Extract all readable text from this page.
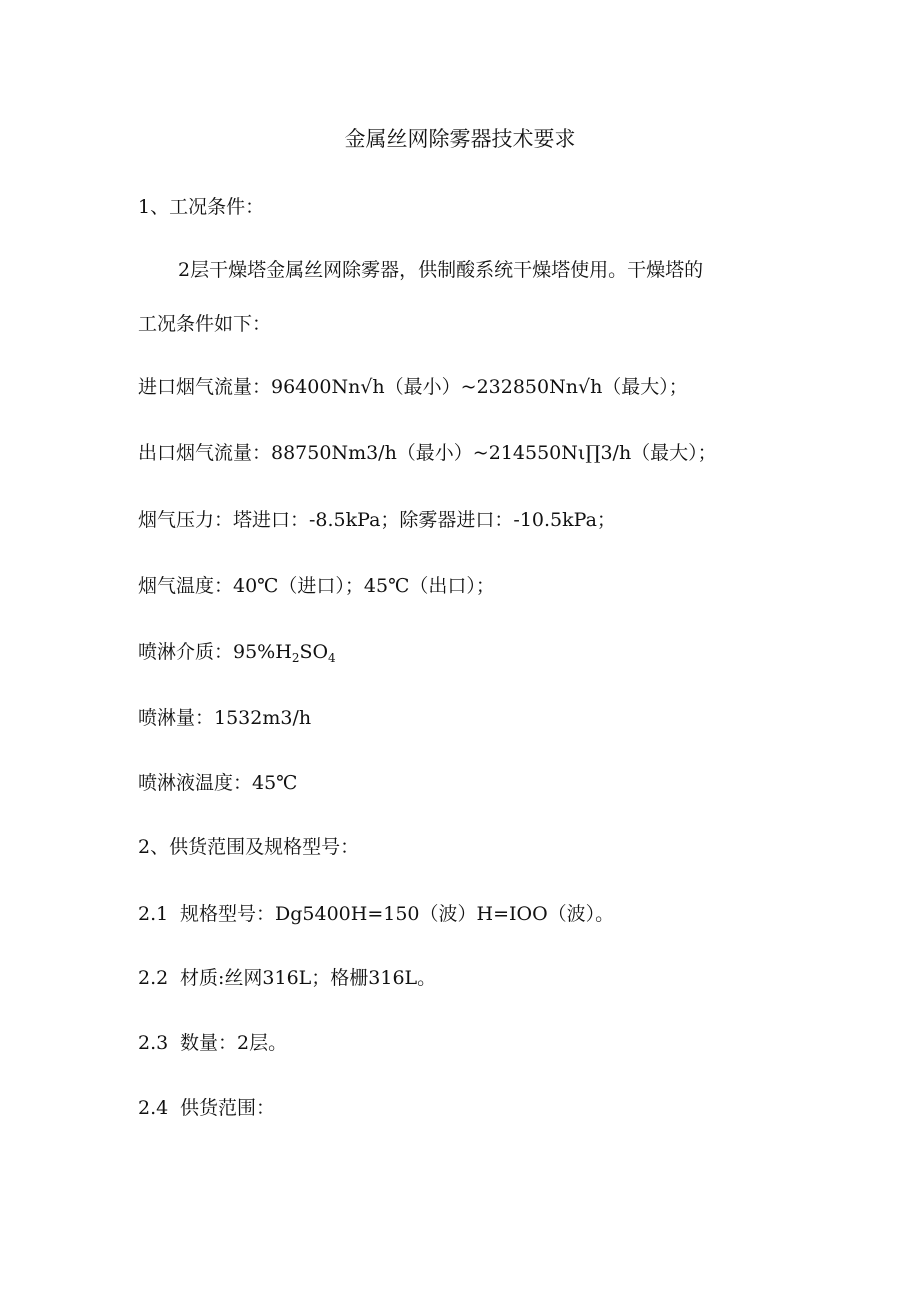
金属丝网除雾器技术要求
1、工况条件：
2层干燥塔金属丝网除雾器，供制酸系统干燥塔使用。干燥塔的
工况条件如下：
进口烟气流量：96400Nn√h（最小）~232850Nn√h（最大）；
出口烟气流量：88750Nm3∕h（最小）~214550Nι∏3∕h（最大）；
烟气压力：塔进口：-8.5kPa；除雾器进口：-10.5kPa；
烟气温度：40℃（进口）；45℃（出口）；
喷淋介质：$95\%H_2SO_4$
喷淋量：1532m3∕h
喷淋液温度：45℃
2、供货范围及规格型号：
2.1 规格型号：Dg5400H=150（波）H=IOO（波）。
2.2 材质:丝网316L；格栅316L。
2.3 数量：2层。
2.4 供货范围：
